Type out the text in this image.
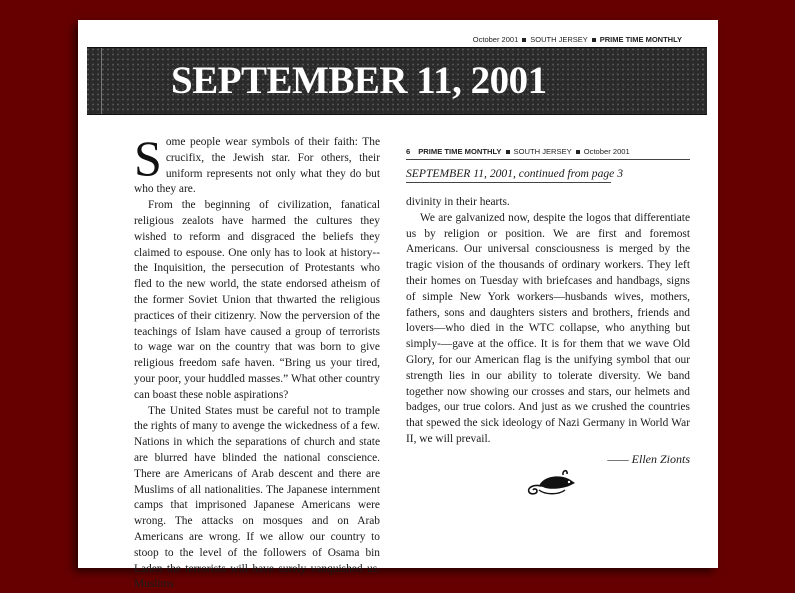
October 2001 SOUTH JERSEY PRIME TIME MONTHLY
SEPTEMBER 11, 2001

Some people wear symbols of their faith: The crucifix, the Jewish star. For others, their uniform represents not only what they do but who they are.

From the beginning of civilization, fanatical religious zealots have harmed the cultures they wished to reform and disgraced the beliefs they claimed to espouse. One only has to look at history--the Inquisition, the persecution of Protestants who fled to the new world, the state endorsed atheism of the former Soviet Union that thwarted the religious practices of their citizenry. Now the perversion of the teachings of Islam have caused a group of terrorists to wage war on the country that was born to give religious freedom safe haven. “Bring us your tired, your poor, your huddled masses.” What other country can boast these noble aspirations?

The United States must be careful not to trample the rights of many to avenge the wickedness of a few. Nations in which the separations of church and state are blurred have blinded the national conscience. There are Americans of Arab descent and there are Muslims of all nationalities. The Japanese internment camps that imprisoned Japanese Americans were wrong. The attacks on mosques and on Arab Americans are wrong. If we allow our country to stoop to the level of the followers of Osama bin Laden the terrorists will have surely vanquished us. Muslims

6 PRIME TIME MONTHLY SOUTH JERSEY October 2001
SEPTEMBER 11, 2001, continued from page 3

divinity in their hearts.

We are galvanized now, despite the logos that differentiate us by religion or position. We are first and foremost Americans. Our universal consciousness is merged by the tragic vision of the thousands of ordinary workers. They left their homes on Tuesday with briefcases and handbags, signs of simple New York workers—husbands wives, mothers, fathers, sons and daughters sisters and brothers, friends and lovers—who died in the WTC collapse, who anything but simply-—gave at the office. It is for them that we wave Old Glory, for our American flag is the unifying symbol that our strength lies in our ability to tolerate diversity. We band together now showing our crosses and stars, our helmets and badges, our true colors. And just as we crushed the countries that spewed the sick ideology of Nazi Germany in World War II, we will prevail.

—— Ellen Zionts
